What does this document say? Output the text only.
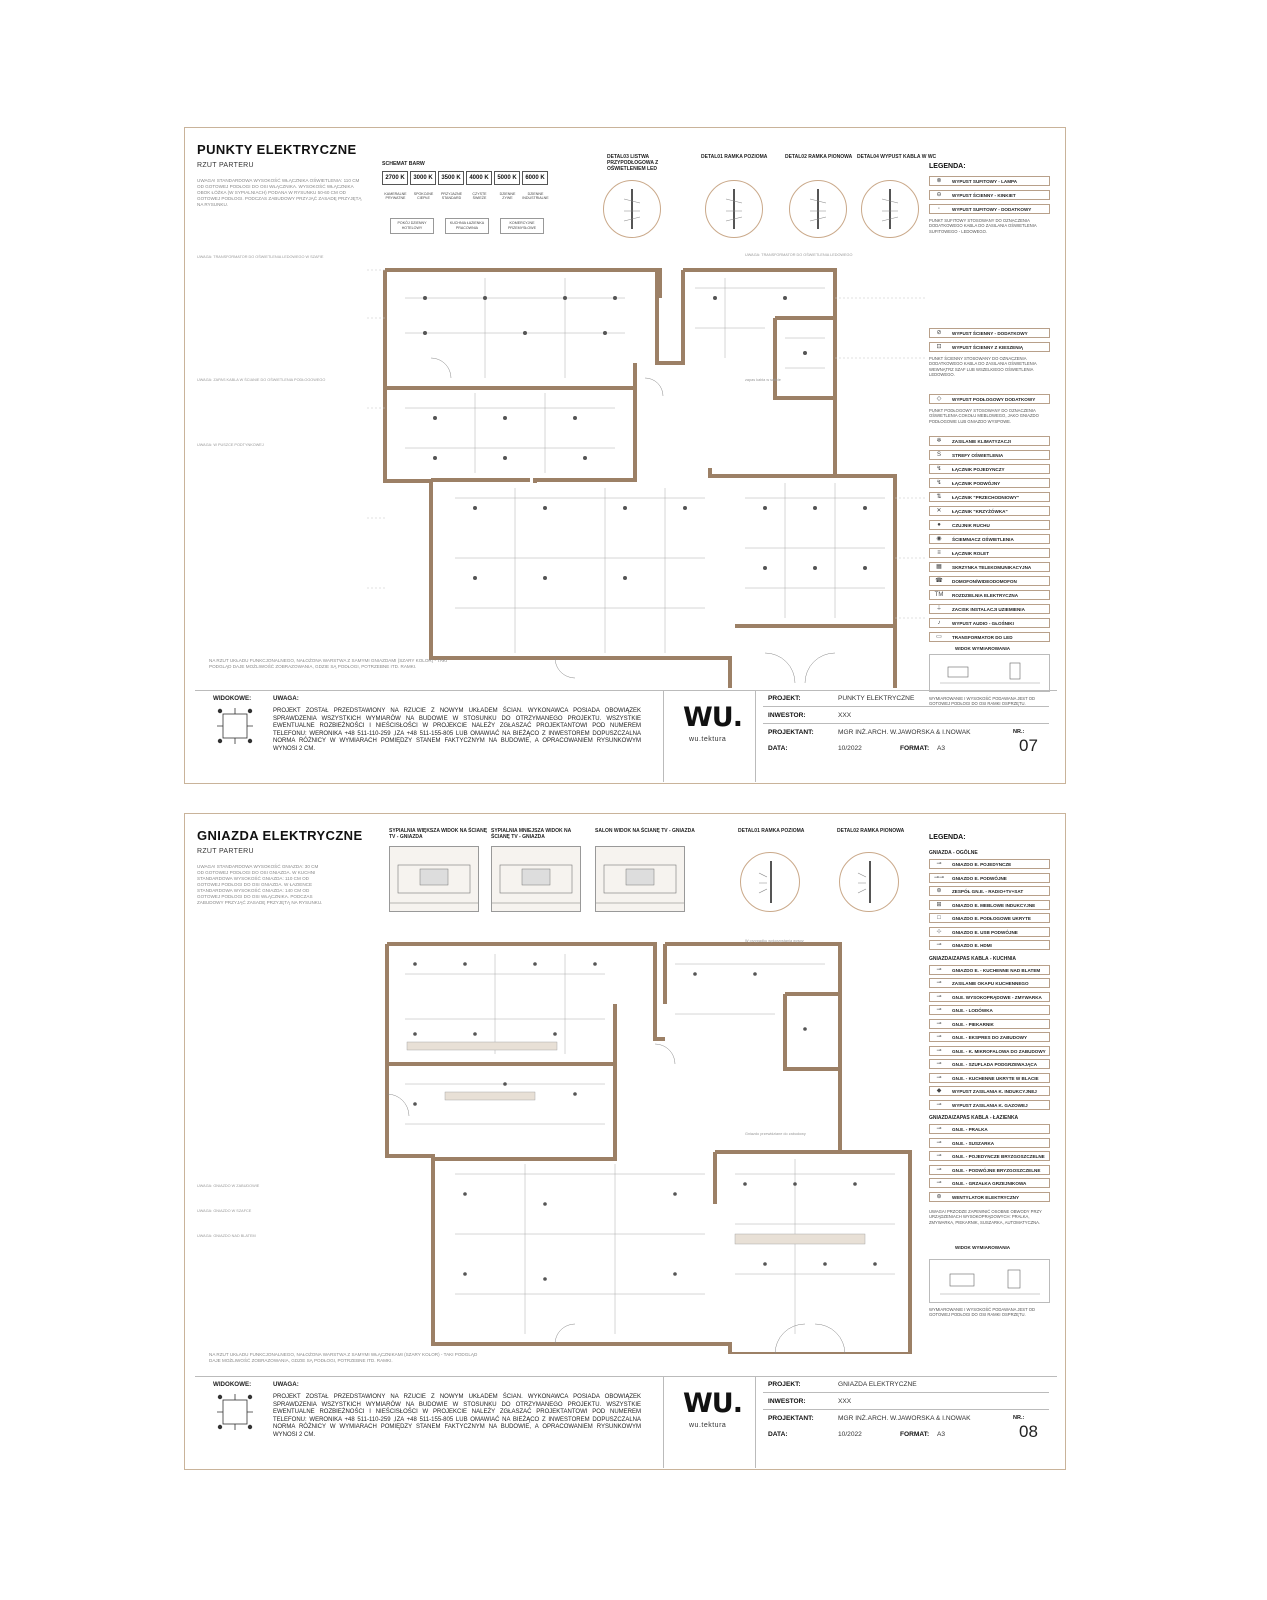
PUNKTY ELEKTRYCZNE
RZUT PARTERU
UWAGA! STANDARDOWA WYSOKOŚĆ WŁĄCZNIKA OŚWIETLENIA: 110 CM OD GOTOWEJ PODŁOGI DO OSI WŁĄCZNIKA. WYSOKOŚĆ WŁĄCZNIKA OBOK ŁÓŻKA (W SYPIALNIACH) PODANA W RYSUNKU 50-60 CM OD GOTOWEJ PODŁOGI. PODCZAS ZABUDOWY PRZYJĄĆ ZASADĘ PRZYJĘTĄ NA RYSUNKU.
SCHEMAT BARW	LEGENDA:
⊗	WYPUST SUFITOWY - LAMPA
⊖	WYPUST ŚCIENNY - KINKIET
◦	WYPUST SUFITOWY - DODATKOWY
PUNKT SUFITOWY STOSOWANY DO OZNACZENIA DODATKOWEGO KABLA DO ZASILANIA OŚWIETLENIA SUFITOWEGO - LEDOWEGO.
⊘	WYPUST ŚCIENNY - DODATKOWY
⊡	WYPUST ŚCIENNY Z KIESZENIĄ
PUNKT ŚCIENNY STOSOWANY DO OZNACZENIA DODATKOWEGO KABLA DO ZASILANIA OŚWIETLENIA WEWNĄTRZ SZAF LUB WSZELKIEGO OŚWIETLENIA LEDOWEGO.
◇	WYPUST PODŁOGOWY DODATKOWY
PUNKT PODŁOGOWY STOSOWANY DO OZNACZENIA OŚWIETLENIA COKOŁU MEBLOWEGO, JAKO GNIAZDO PODŁOGOWE LUB GNIAZDO WYSPOWE.
❄	ZASILANIE KLIMATYZACJI
S	STREFY OŚWIETLENIA
↯	ŁĄCZNIK POJEDYNCZY
↯	ŁĄCZNIK PODWÓJNY
⇅	ŁĄCZNIK "PRZECHODNIOWY"
✕	ŁĄCZNIK "KRZYŻÓWKA"
●	CZUJNIK RUCHU
◉	ŚCIEMNIACZ OŚWIETLENIA
≡	ŁĄCZNIK ROLET
▦	SKRZYNKA TELEKOMUNIKACYJNA
☎ DOMOFON/WIDEODOMOFON
ТМ ROZDZIELNIA ELEKTRYCZNA
⏚	ZACISK INSTALACJI UZIEMIENIA
♪	WYPUST AUDIO - GŁOŚNIKI
▭	TRANSFORMATOR DO LED
WIDOK WYMIAROWANIA
WYMIAROWANIE I WYSOKOŚĆ PODAWANA JEST OD GOTOWEJ PODŁOGI DO OSI RAMKI OSPRZĘTU.
UWAGA: TRANSFORMATOR DO OŚWIETLENIA LEDOWEGO W SZAFIE
UWAGA: ZAPAS KABLA W ŚCIANIE DO OŚWIETLENIA PODŁOGOWEGO
UWAGA: W PUSZCE PODTYNKOWEJ
UWAGA: TRANSFORMATOR DO OŚWIETLENIA LEDOWEGO
zapas kabla w suficie
NA RZUT UKŁADU FUNKCJONALNEGO, NAŁOŻONA WARSTWA Z SAMYMI GNIAZDAMI (SZARY KOLOR) - TAKI PODGLĄD DAJE MOŻLIWOŚĆ ZOBRAZOWANIA, GDZIE SĄ PODŁOGI, POTRZEBNE ITD. RAMKI.
WIDOKOWE:	UWAGA:
PROJEKT ZOSTAŁ PRZEDSTAWIONY NA RZUCIE Z NOWYM UKŁADEM ŚCIAN. WYKONAWCA POSIADA OBOWIĄZEK SPRAWDZENIA WSZYSTKICH WYMIARÓW NA BUDOWIE W STOSUNKU DO OTRZYMANEGO PROJEKTU. WSZYSTKIE EWENTUALNE ROZBIEŻNOŚCI I NIEŚCISŁOŚCI W PROJEKCIE NALEŻY ZGŁASZAĆ PROJEKTANTOWI POD NUMEREM TELEFONU: WERONIKA +48 511-110-259 ,IZA +48 511-155-805 LUB OMAWIAĆ NA BIEŻĄCO Z INWESTOREM DOPUSZCZALNA NORMA RÓŻNICY W WYMIARACH POMIĘDZY STANEM FAKTYCZNYM NA BUDOWIE, A OPRACOWANIEM RYSUNKOWYM WYNOSI 2 CM.
WU.
wu.tektura
PROJEKT:	PUNKTY ELEKTRYCZNE
INWESTOR:	XXX
PROJEKTANT:	MGR INŻ.ARCH. W.JAWORSKA & I.NOWAK
DATA:	10/2022	FORMAT: A3
NR.:
07
2700 K	3000 K	3500 K	4000 K	5000 K	6000 K
KAMERALNE PRYWATNE
SPOKOJNE CIEPŁE
PRZYJAZNE STANDARD
CZYSTE ŚWIEŻE
DZIENNE ZYWE
DZIENNE INDUSTRIALNE
POKÓJ DZIENNY HOTELOWY
KUCHNIA ŁAZIENKA PRACOWNIA
KOMERCYJNE PRZEMYSŁOWE
DETAL03 LISTWA PRZYPODŁOGOWA Z OŚWIETLENIEM LED
DETAL01 RAMKA POZIOMA	DETAL02 RAMKA PIONOWA DETAL04 WYPUST KABLA W WC
GNIAZDA ELEKTRYCZNE
RZUT PARTERU
UWAGA! STANDARDOWA WYSOKOŚĆ GNIAZDA: 30 CM OD GOTOWEJ PODŁOGI DO OSI GNIAZDA. W KUCHNI STANDARDOWA WYSOKOŚĆ GNIAZDA: 110 CM OD GOTOWEJ PODŁOGI DO OSI GNIAZDA. W ŁAZIENCE STANDARDOWA WYSOKOŚĆ GNIAZDA: 140 CM OD GOTOWEJ PODŁOGI DO OSI WŁĄCZNIKA. PODCZAS ZABUDOWY PRZYJĄĆ ZASADĘ PRZYJĘTĄ NA RYSUNKU.
LEGENDA:
GNIAZDA - OGÓLNE
⊸	GNIAZDO E. POJEDYNCZE
⊸⊸ GNIAZDO E. PODWÓJNE
⊛	ZESPÓŁ GN.E. - RADIO+TV+SAT
⊞	GNIAZDO E. MEBLOWE INDUKCYJNE
□	GNIAZDO E. PODŁOGOWE UKRYTE
⊹	GNIAZDO E. USB PODWÓJNE
⊸	GNIAZDO E. HDMI
GNIAZDA/ZAPAS KABLA - KUCHNIA
⊸	GNIAZDO E. - KUCHENNE NAD BLATEM
⊸	ZASILANIE OKAPU KUCHENNEGO
⊸	GN.E. WYSOKOPRĄDOWE - ZMYWARKA
⊸	GN.E. - LODÓWKA
⊸	GN.E. - PIEKARNIK
⊸	GN.E. - EKSPRES DO ZABUDOWY
⊸	GN.E. - K. MIKROFALOWA DO ZABUDOWY
⊸	GN.E. - SZUFLADA PODGRZEWAJĄCA
⊸	GN.E. - KUCHENNE UKRYTE W BLACIE
◆	WYPUST ZASILANIA K. INDUKCYJNEJ
⊸	WYPUST ZASILANIA K. GAZOWEJ
GNIAZDA/ZAPAS KABLA - ŁAZIENKA
⊸	GN.E. - PRALKA
⊸	GN.E. - SUSZARKA
⊸	GN.E. - POJEDYNCZE BRYZGOSZCZELNE
⊸	GN.E. - PODWÓJNE BRYZGOSZCZELNE
⊸	GN.E. - GRZAŁKA GRZEJNIKOWA
⊛	WENTYLATOR ELEKTRYCZNY
UWAGA! PRZODZE ZAPEWNIĆ OSOBNE OBWODY PRZY URZĄDZENIACH WYSOKOPRĄDOWYCH: PRALKA, ZMYWARKA, PIEKARNIK, SUSZARKA, AUTOMATYCZNA.
WIDOK WYMIAROWANIA
WYMIAROWANIE I WYSOKOŚĆ PODAWANA JEST OD GOTOWEJ PODŁOGI DO OSI RAMKI OSPRZĘTU.
UWAGA: GNIAZDO W ZABUDOWIE
UWAGA: GNIAZDO W SZAFCE
UWAGA: GNIAZDO NAD BLATEM
W przypadku wykorzystania wyspy
Gniazdo przewidziane do zabudowy
NA RZUT UKŁADU FUNKCJONALNEGO, NAŁOŻONA WARSTWA Z SAMYMI WŁĄCZNIKAMI (SZARY KOLOR) - TAKI PODGLĄD DAJE MOŻLIWOŚĆ ZOBRAZOWANIA, GDZIE SĄ PODŁOGI, POTRZEBNE ITD. RAMKI.
WIDOKOWE:	UWAGA:
PROJEKT ZOSTAŁ PRZEDSTAWIONY NA RZUCIE Z NOWYM UKŁADEM ŚCIAN. WYKONAWCA POSIADA OBOWIĄZEK SPRAWDZENIA WSZYSTKICH WYMIARÓW NA BUDOWIE W STOSUNKU DO OTRZYMANEGO PROJEKTU. WSZYSTKIE EWENTUALNE ROZBIEŻNOŚCI I NIEŚCISŁOŚCI W PROJEKCIE NALEŻY ZGŁASZAĆ PROJEKTANTOWI POD NUMEREM TELEFONU: WERONIKA +48 511-110-259 ,IZA +48 511-155-805 LUB OMAWIAĆ NA BIEŻĄCO Z INWESTOREM DOPUSZCZALNA NORMA RÓŻNICY W WYMIARACH POMIĘDZY STANEM FAKTYCZNYM NA BUDOWIE, A OPRACOWANIEM RYSUNKOWYM WYNOSI 2 CM.
WU.
wu.tektura
PROJEKT:	GNIAZDA ELEKTRYCZNE
INWESTOR:	XXX
PROJEKTANT:	MGR INŻ.ARCH. W.JAWORSKA & I.NOWAK
DATA:	10/2022	FORMAT: A3
NR.:
08
SYPIALNIA WIĘKSZA WIDOK NA ŚCIANĘ TV - GNIAZDA
SYPIALNIA MNIEJSZA WIDOK NA ŚCIANĘ TV - GNIAZDA
SALON WIDOK NA ŚCIANĘ TV - GNIAZDA	DETAL01 RAMKA POZIOMA	DETAL02 RAMKA PIONOWA
